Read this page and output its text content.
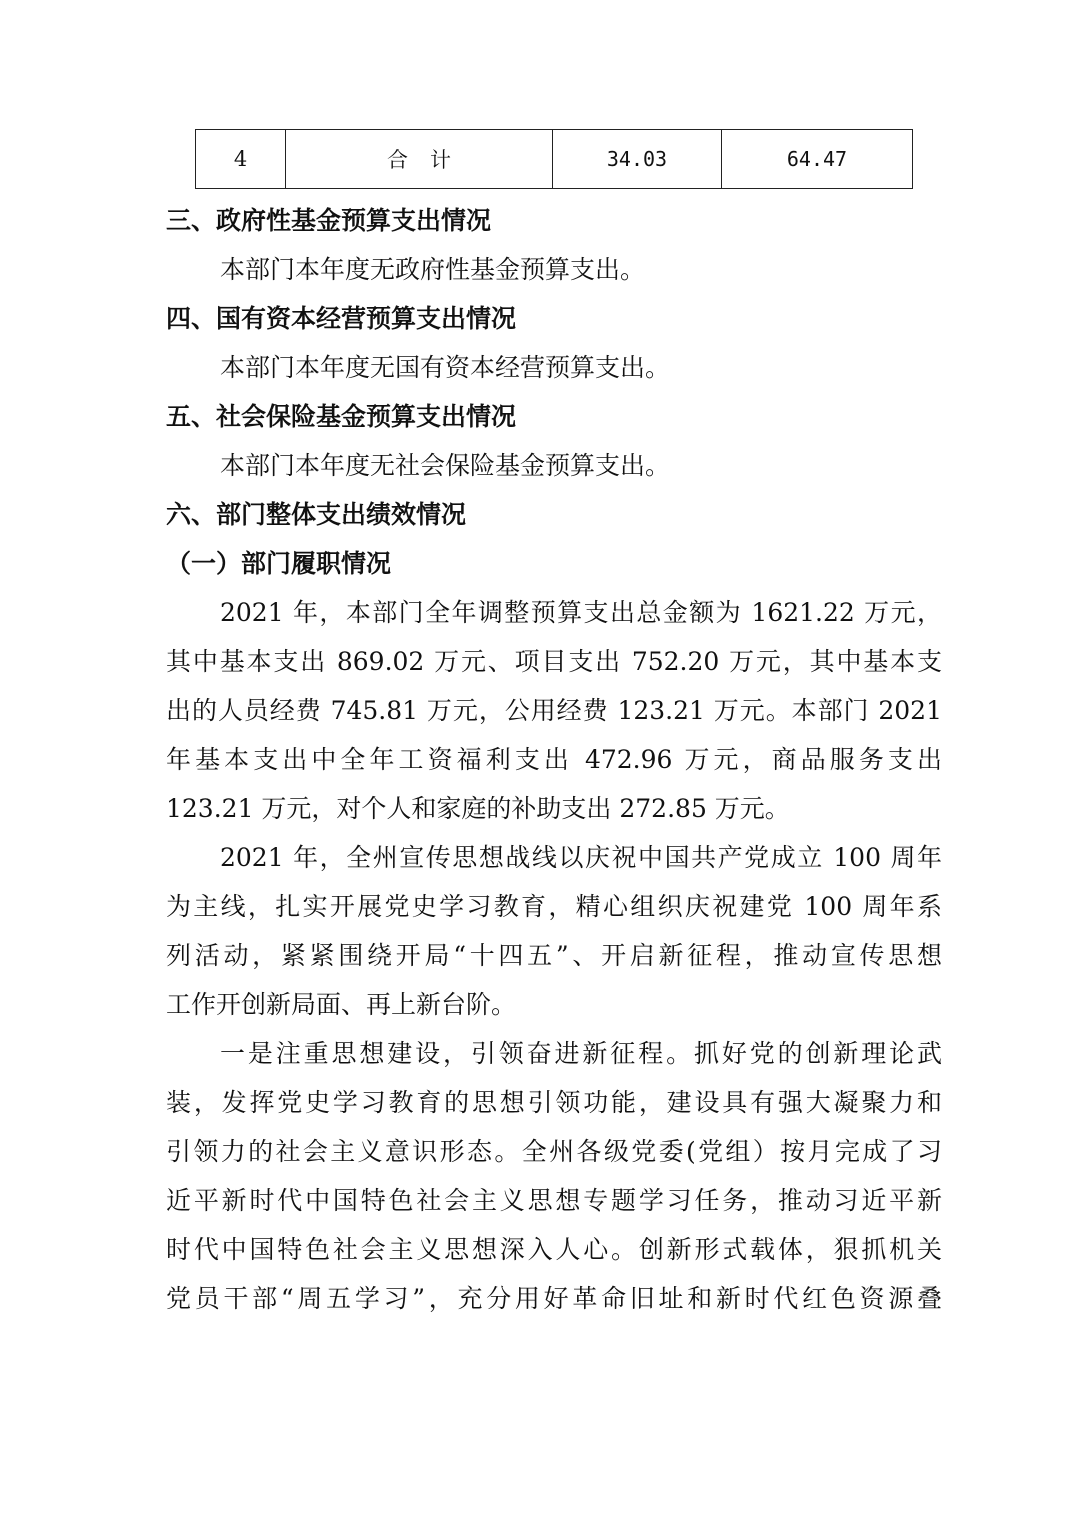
4	合计	34.03	64.47
三、政府性基金预算支出情况
本部门本年度无政府性基金预算支出。
四、国有资本经营预算支出情况
本部门本年度无国有资本经营预算支出。
五、社会保险基金预算支出情况
本部门本年度无社会保险基金预算支出。
六、部门整体支出绩效情况
（一）部门履职情况
2021 年，本部门全年调整预算支出总金额为 1621.22 万元，
其中基本支出 869.02 万元、项目支出 752.20 万元，其中基本支
出的人员经费 745.81 万元，公用经费 123.21 万元。本部门 2021
年基本支出中全年工资福利支出 472.96 万元，商品服务支出
123.21 万元，对个人和家庭的补助支出 272.85 万元。
2021 年，全州宣传思想战线以庆祝中国共产党成立 100 周年
为主线，扎实开展党史学习教育，精心组织庆祝建党 100 周年系
列活动，紧紧围绕开局“十四五”、开启新征程，推动宣传思想
工作开创新局面、再上新台阶。
一是注重思想建设，引领奋进新征程。抓好党的创新理论武
装，发挥党史学习教育的思想引领功能，建设具有强大凝聚力和
引领力的社会主义意识形态。全州各级党委(党组）按月完成了习
近平新时代中国特色社会主义思想专题学习任务，推动习近平新
时代中国特色社会主义思想深入人心。创新形式载体，狠抓机关
党员干部“周五学习”，充分用好革命旧址和新时代红色资源叠
